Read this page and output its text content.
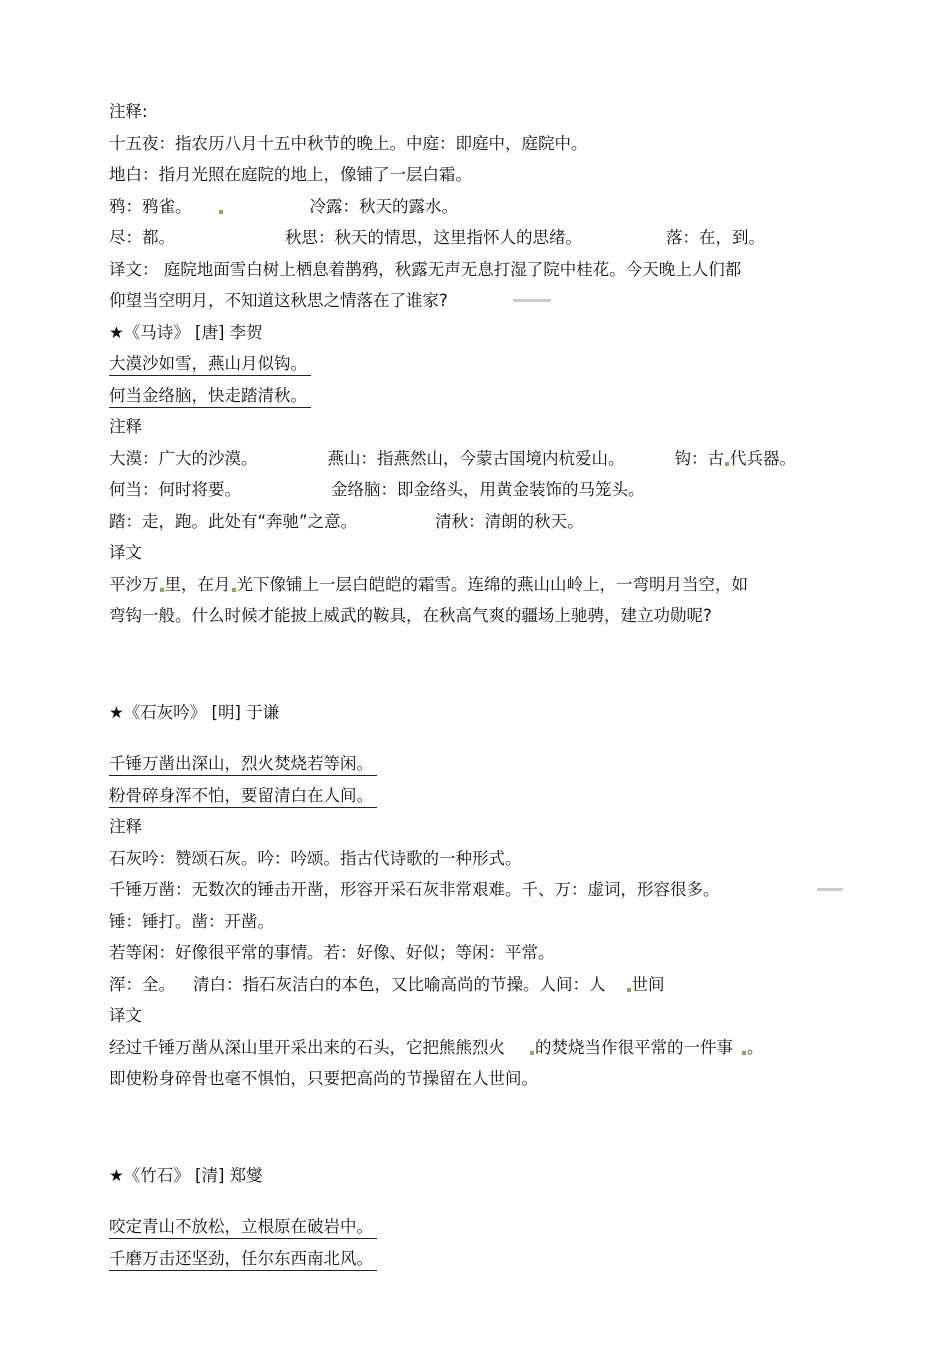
注释:
十五夜：指农历八月十五中秋节的晚上。中庭：即庭中，庭院中。
地白：指月光照在庭院的地上，像铺了一层白霜。
鸦：鸦雀。	冷露：秋天的露水。
尽：都。	秋思：秋天的情思，这里指怀人的思绪。	落：在，到。
译文： 庭院地面雪白树上栖息着鹊鸦，秋露无声无息打湿了院中桂花。今天晚上人们都
仰望当空明月，不知道这秋思之情落在了谁家?
★《马诗》 [唐] 李贺
大漠沙如雪，燕山月似钩。
何当金络脑，快走踏清秋。
注释
大漠：广大的沙漠。	燕山：指燕然山，今蒙古国境内杭爱山。	钩：古 代兵器。
何当：何时将要。	金络脑：即金络头，用黄金装饰的马笼头。
踏：走，跑。此处有“奔驰”之意。	清秋：清朗的秋天。
译文
平沙万 里，在月 光下像铺上一层白皑皑的霜雪。连绵的燕山山岭上，一弯明月当空，如
弯钩一般。什么时候才能披上威武的鞍具，在秋高气爽的疆场上驰骋，建立功勋呢?
★《石灰吟》 [明] 于谦
千锤万凿出深山，烈火焚烧若等闲。
粉骨碎身浑不怕，要留清白在人间。
注释
石灰吟：赞颂石灰。吟：吟颂。指古代诗歌的一种形式。
千锤万凿：无数次的锤击开凿，形容开采石灰非常艰难。千、万：虚词，形容很多。
锤：锤打。凿：开凿。
若等闲：好像很平常的事情。若：好像、好似；等闲：平常。
浑：全。 清白：指石灰洁白的本色，又比喻高尚的节操。人间：人 世间
译文
经过千锤万凿从深山里开采出来的石头，它把熊熊烈火 的焚烧当作很平常的一件事 。
即使粉身碎骨也毫不惧怕，只要把高尚的节操留在人世间。
★《竹石》 [清] 郑燮
咬定青山不放松，立根原在破岩中。
千磨万击还坚劲，任尔东西南北风。
